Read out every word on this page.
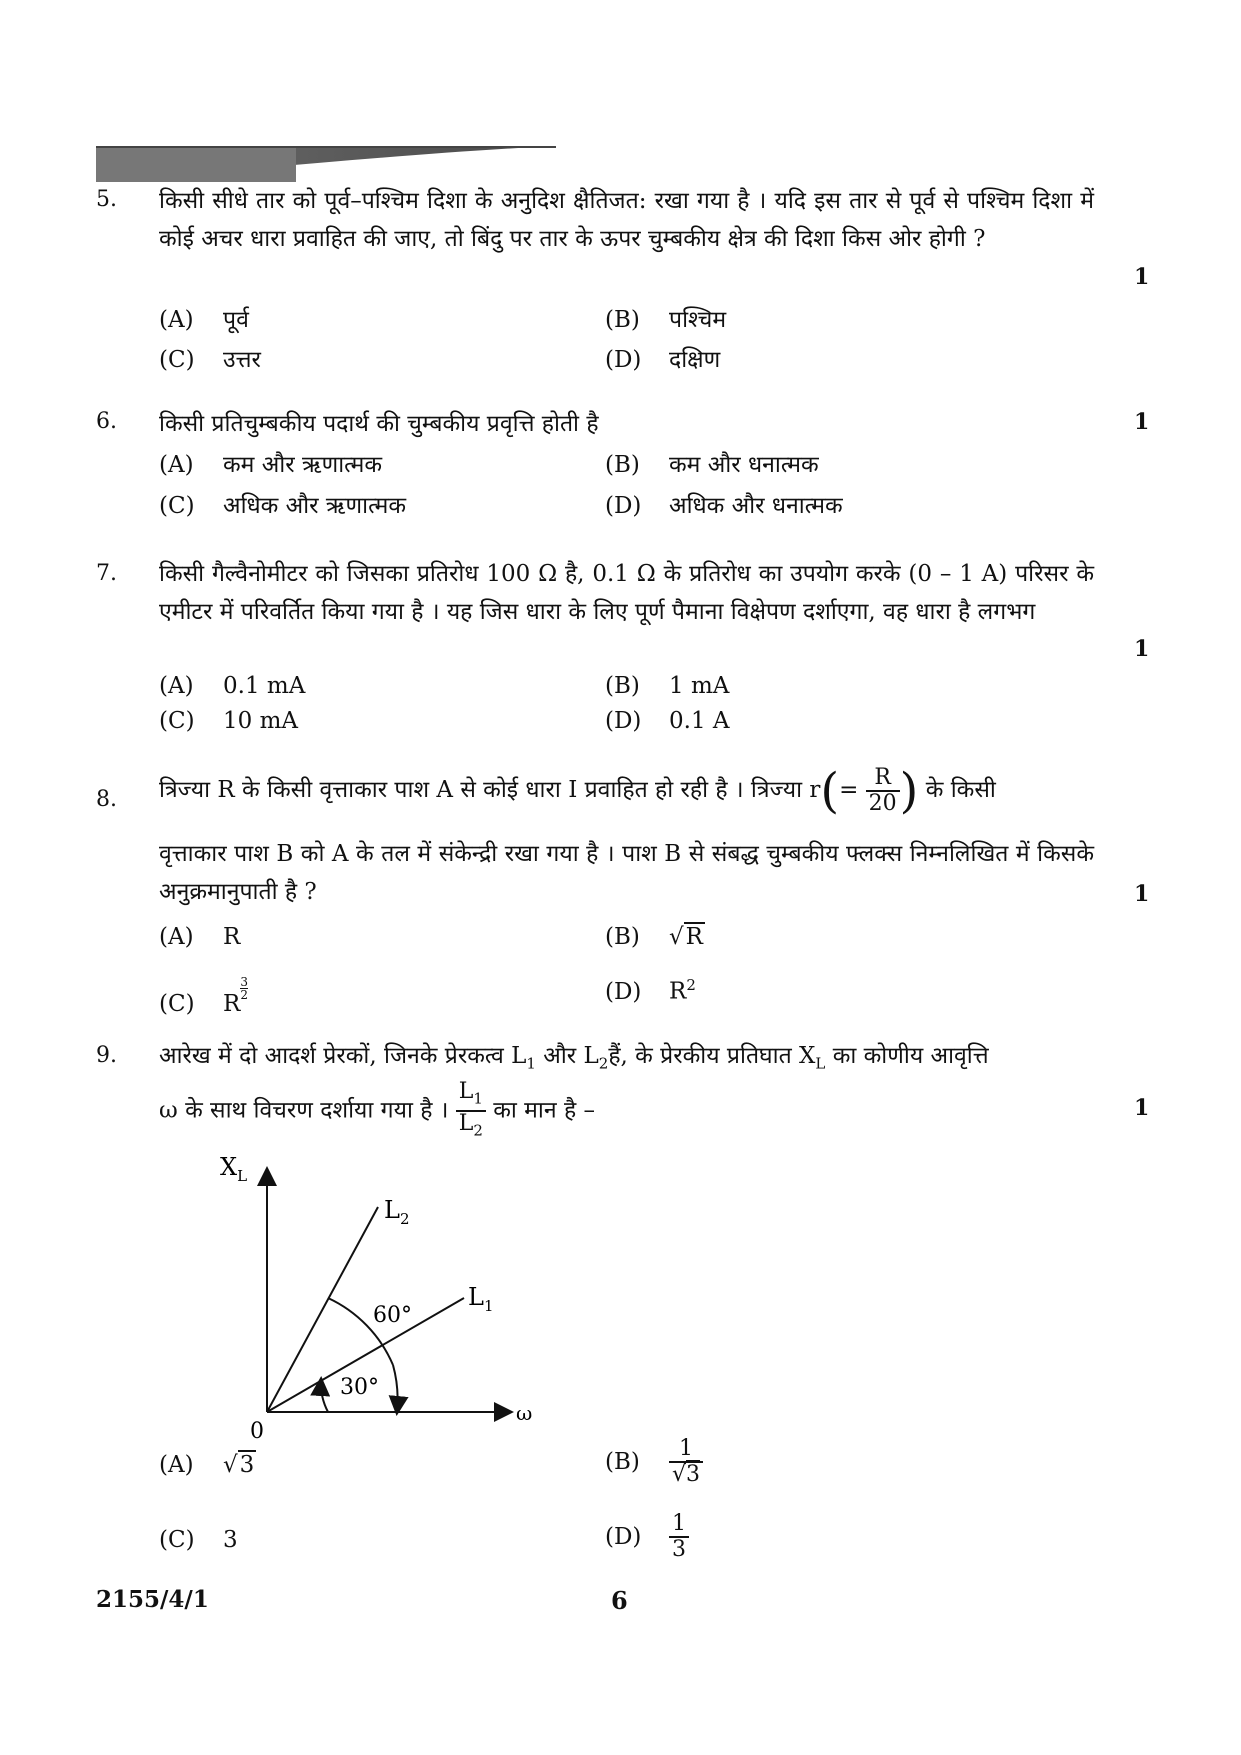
5. किसी सीधे तार को पूर्व–पश्चिम दिशा के अनुदिश क्षैतिजत: रखा गया है । यदि इस तार से पूर्व से पश्चिम दिशा में कोई अचर धारा प्रवाहित की जाए, तो बिंदु पर तार के ऊपर चुम्बकीय क्षेत्र की दिशा किस ओर होगी ?
1
(A) पूर्व	(B) पश्चिम
(C) उत्तर	(D) दक्षिण
6. किसी प्रतिचुम्बकीय पदार्थ की चुम्बकीय प्रवृत्ति होती है	1
(A) कम और ऋणात्मक	(B) कम और धनात्मक
(C) अधिक और ऋणात्मक	(D) अधिक और धनात्मक
7. किसी गैल्वैनोमीटर को जिसका प्रतिरोध 100 Ω है, 0.1 Ω के प्रतिरोध का उपयोग करके (0 – 1 A) परिसर के एमीटर में परिवर्तित किया गया है । यह जिस धारा के लिए पूर्ण पैमाना विक्षेपण दर्शाएगा, वह धारा है लगभग
1
(A) 0.1 mA	(B) 1 mA
(C) 10 mA	(D) 0.1 A
8. त्रिज्या R के किसी वृत्ताकार पाश A से कोई धारा I प्रवाहित हो रही है । त्रिज्या $r(= \frac{R}{20}$ ) के किसी
वृत्ताकार पाश B को A के तल में संकेन्द्री रखा गया है । पाश B से संबद्ध चुम्बकीय फ्लक्स निम्नलिखित में किसके अनुक्रमानुपाती है ?	1
(A) R	(B) √R
(C) R
$\frac{3}{2}$	(D) $R^2$
9. आरेख में दो आदर्श प्रेरकों, जिनके प्रेरकत्व $L_1$ और $L_2हैं$, के प्रेरकीय प्रतिघात $X_L$ का कोणीय आवृत्ति
ω के साथ विचरण दर्शाया गया है । $\frac{L_1}{L_2}$ का मान है –	1
$X_L$
ω
0
$L_2$
$L_1$
60°
30°
(A) √3	$(B) \frac{1}{√3}$
(C) 3	$(D) \frac{1}{3}$
2155/4/1	6
